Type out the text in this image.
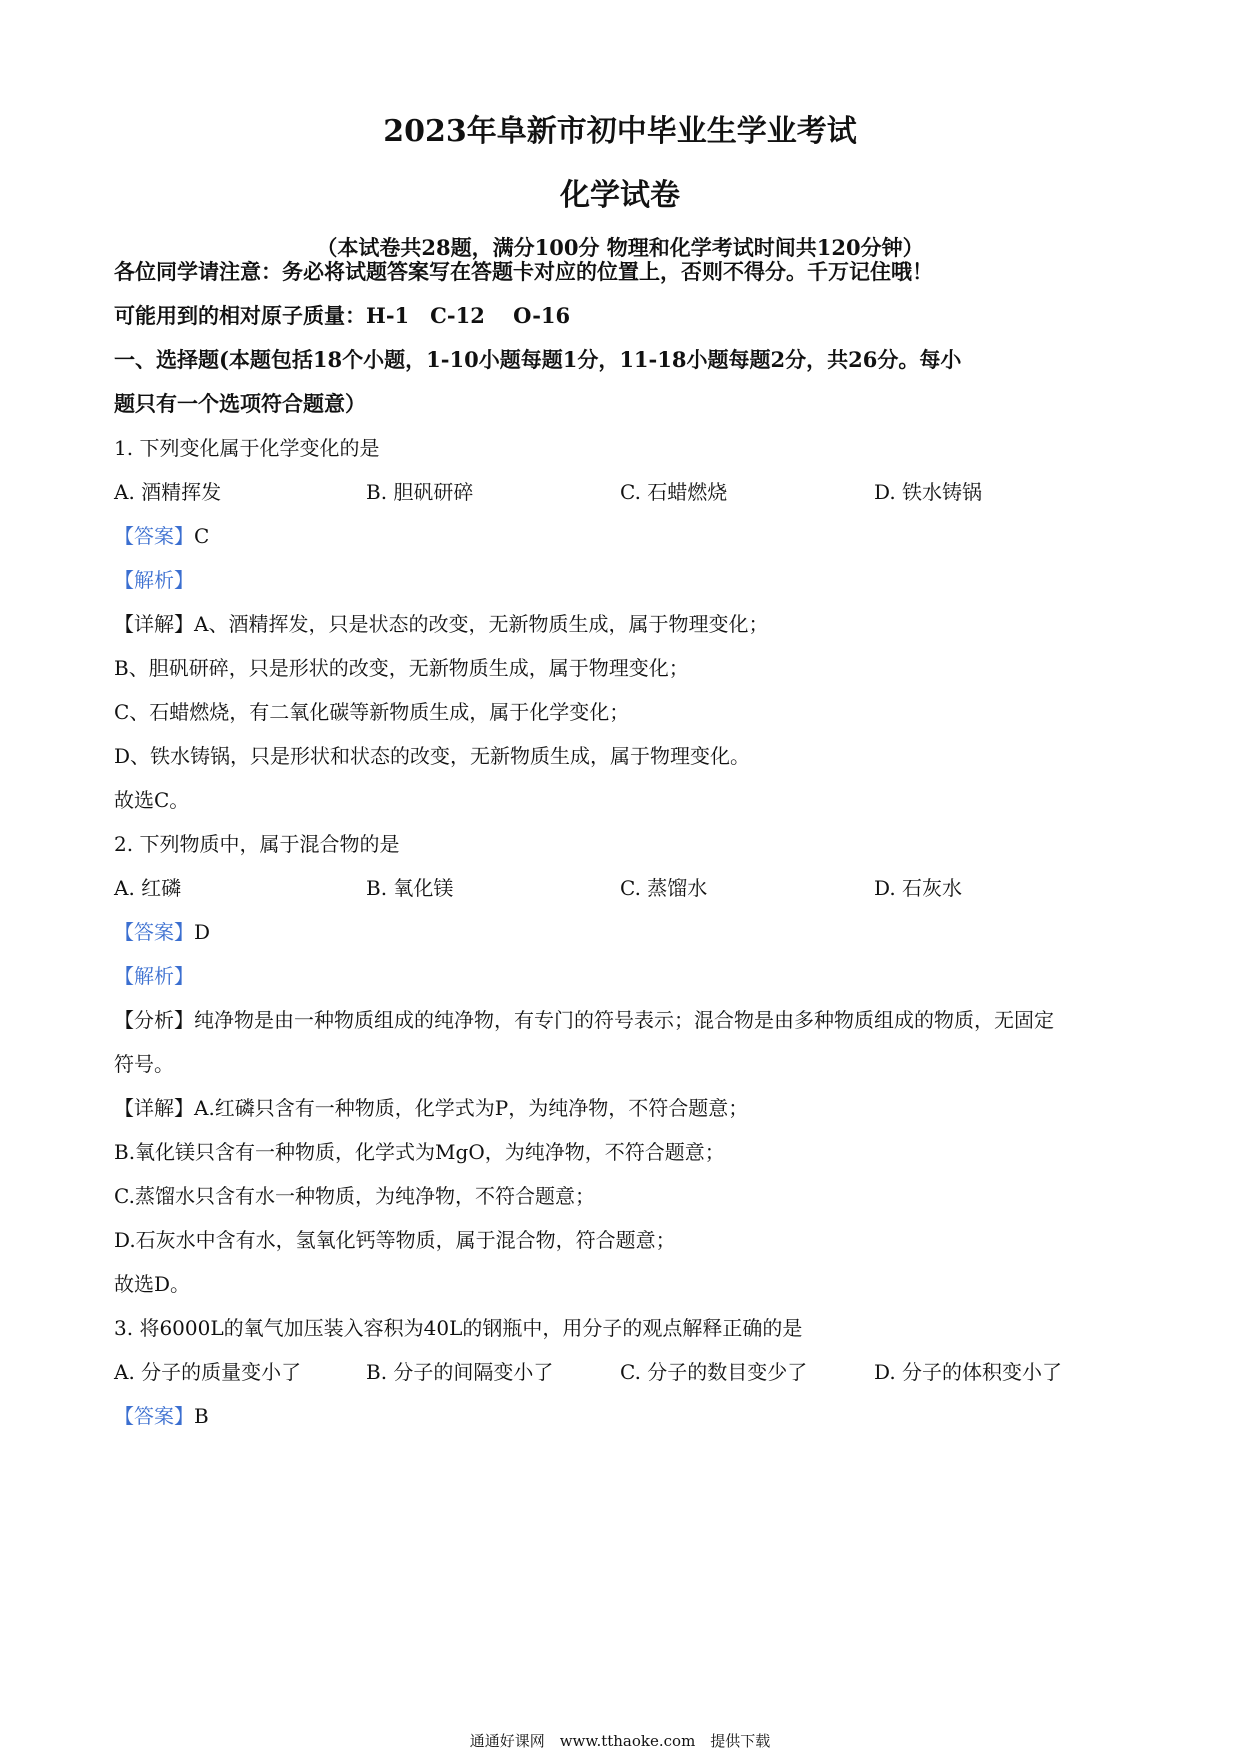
2023年阜新市初中毕业生学业考试
化学试卷
（本试卷共28题，满分100分 物理和化学考试时间共120分钟）
各位同学请注意：务必将试题答案写在答题卡对应的位置上，否则不得分。千万记住哦！
可能用到的相对原子质量：H-1　C-12　 O-16
一、选择题(本题包括18个小题，1-10小题每题1分，11-18小题每题2分，共26分。每小
题只有一个选项符合题意）
1. 下列变化属于化学变化的是
A. 酒精挥发	B. 胆矾研碎	C. 石蜡燃烧	D. 铁水铸锅
【答案】C
【解析】
【详解】A、酒精挥发，只是状态的改变，无新物质生成，属于物理变化；
B、胆矾研碎，只是形状的改变，无新物质生成，属于物理变化；
C、石蜡燃烧，有二氧化碳等新物质生成，属于化学变化；
D、铁水铸锅，只是形状和状态的改变，无新物质生成，属于物理变化。
故选C。
2. 下列物质中，属于混合物的是
A. 红磷	B. 氧化镁	C. 蒸馏水	D. 石灰水
【答案】D
【解析】
【分析】纯净物是由一种物质组成的纯净物，有专门的符号表示；混合物是由多种物质组成的物质，无固定
符号。
【详解】A.红磷只含有一种物质，化学式为P，为纯净物，不符合题意；
B.氧化镁只含有一种物质，化学式为MgO，为纯净物，不符合题意；
C.蒸馏水只含有水一种物质，为纯净物，不符合题意；
D.石灰水中含有水，氢氧化钙等物质，属于混合物，符合题意；
故选D。
3. 将6000L的氧气加压装入容积为40L的钢瓶中，用分子的观点解释正确的是
A. 分子的质量变小了	B. 分子的间隔变小了	C. 分子的数目变少了	D. 分子的体积变小了
【答案】B
通通好课网　www.tthaoke.com　提供下载
